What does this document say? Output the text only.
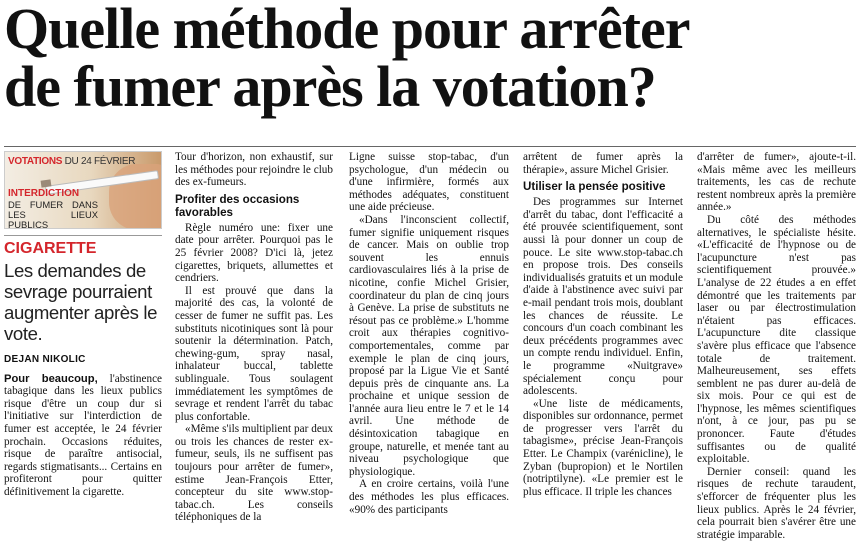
Quelle méthode pour arrêter
de fumer après la votation?
VOTATIONS DU 24 FÉVRIER
INTERDICTION
DE FUMER DANS LES LIEUX PUBLICS
CIGARETTE
Les demandes de sevrage pourraient augmenter après le vote.
DEJAN NIKOLIC

Pour beaucoup, l'abstinence tabagique dans les lieux publics risque d'être un coup dur si l'initiative sur l'interdiction de fumer est acceptée, le 24 février prochain. Occasions réduites, risque de paraître antisocial, regards stigmatisants... Certains en profiteront pour quitter définitivement la cigarette.

Tour d'horizon, non exhaustif, sur les méthodes pour rejoindre le club des ex-fumeurs.

Profiter des occasions favorables

Règle numéro une: fixer une date pour arrêter. Pourquoi pas le 25 février 2008? D'ici là, jetez cigarettes, briquets, allumettes et cendriers.

Il est prouvé que dans la majorité des cas, la volonté de cesser de fumer ne suffit pas. Les substituts nicotiniques sont là pour soutenir la détermination. Patch, chewing-gum, spray nasal, inhalateur buccal, tablette sublinguale. Tous soulagent immédiatement les symptômes de sevrage et rendent l'arrêt du tabac plus confortable.

«Même s'ils multiplient par deux ou trois les chances de rester ex-fumeur, seuls, ils ne suffisent pas toujours pour arrêter de fumer», estime Jean-François Etter, concepteur du site www.stop-tabac.ch. Les conseils téléphoniques de la

Ligne suisse stop-tabac, d'un psychologue, d'un médecin ou d'une infirmière, formés aux méthodes adéquates, constituent une aide précieuse.

«Dans l'inconscient collectif, fumer signifie uniquement risques de cancer. Mais on oublie trop souvent les ennuis cardiovasculaires liés à la prise de nicotine, confie Michel Grisier, coordinateur du plan de cinq jours à Genève. La prise de substituts ne résout pas ce problème.» L'homme croit aux thérapies cognitivo-comportementales, comme par exemple le plan de cinq jours, proposé par la Ligue Vie et Santé depuis près de cinquante ans. La prochaine et unique session de l'année aura lieu entre le 7 et le 14 avril. Une méthode de désintoxication tabagique en groupe, naturelle, et menée tant au niveau psychologique que physiologique.

A en croire certains, voilà l'une des méthodes les plus efficaces. «90% des participants

arrêtent de fumer après la thérapie», assure Michel Grisier.

Utiliser la pensée positive

Des programmes sur Internet d'arrêt du tabac, dont l'efficacité a été prouvée scientifiquement, sont aussi là pour donner un coup de pouce. Le site www.stop-tabac.ch en propose trois. Des conseils individualisés gratuits et un module d'aide à l'abstinence avec suivi par e-mail pendant trois mois, doublant les chances de réussite. Le concours d'un coach combinant les deux précédents programmes avec un compte rendu individuel. Enfin, le programme «Nuitgrave» spécialement conçu pour adolescents.

«Une liste de médicaments, disponibles sur ordonnance, permet de progresser vers l'arrêt du tabagisme», précise Jean-François Etter. Le Champix (varénicline), le Zyban (bupropion) et le Nortilen (notriptilyne). «Le premier est le plus efficace. Il triple les chances

d'arrêter de fumer», ajoute-t-il. «Mais même avec les meilleurs traitements, les cas de rechute restent nombreux après la première année.»

Du côté des méthodes alternatives, le spécialiste hésite. «L'efficacité de l'hypnose ou de l'acupuncture n'est pas scientifiquement prouvée.» L'analyse de 22 études a en effet démontré que les traitements par laser ou par électrostimulation n'étaient pas efficaces. L'acupuncture dite classique s'avère plus efficace que l'absence totale de traitement. Malheureusement, ses effets semblent ne pas durer au-delà de six mois. Pour ce qui est de l'hypnose, les mêmes scientifiques n'ont, à ce jour, pas pu se prononcer. Faute d'études suffisantes ou de qualité exploitable.

Dernier conseil: quand les risques de rechute taraudent, s'efforcer de fréquenter plus les lieux publics. Après le 24 février, cela pourrait bien s'avérer être une stratégie imparable.
